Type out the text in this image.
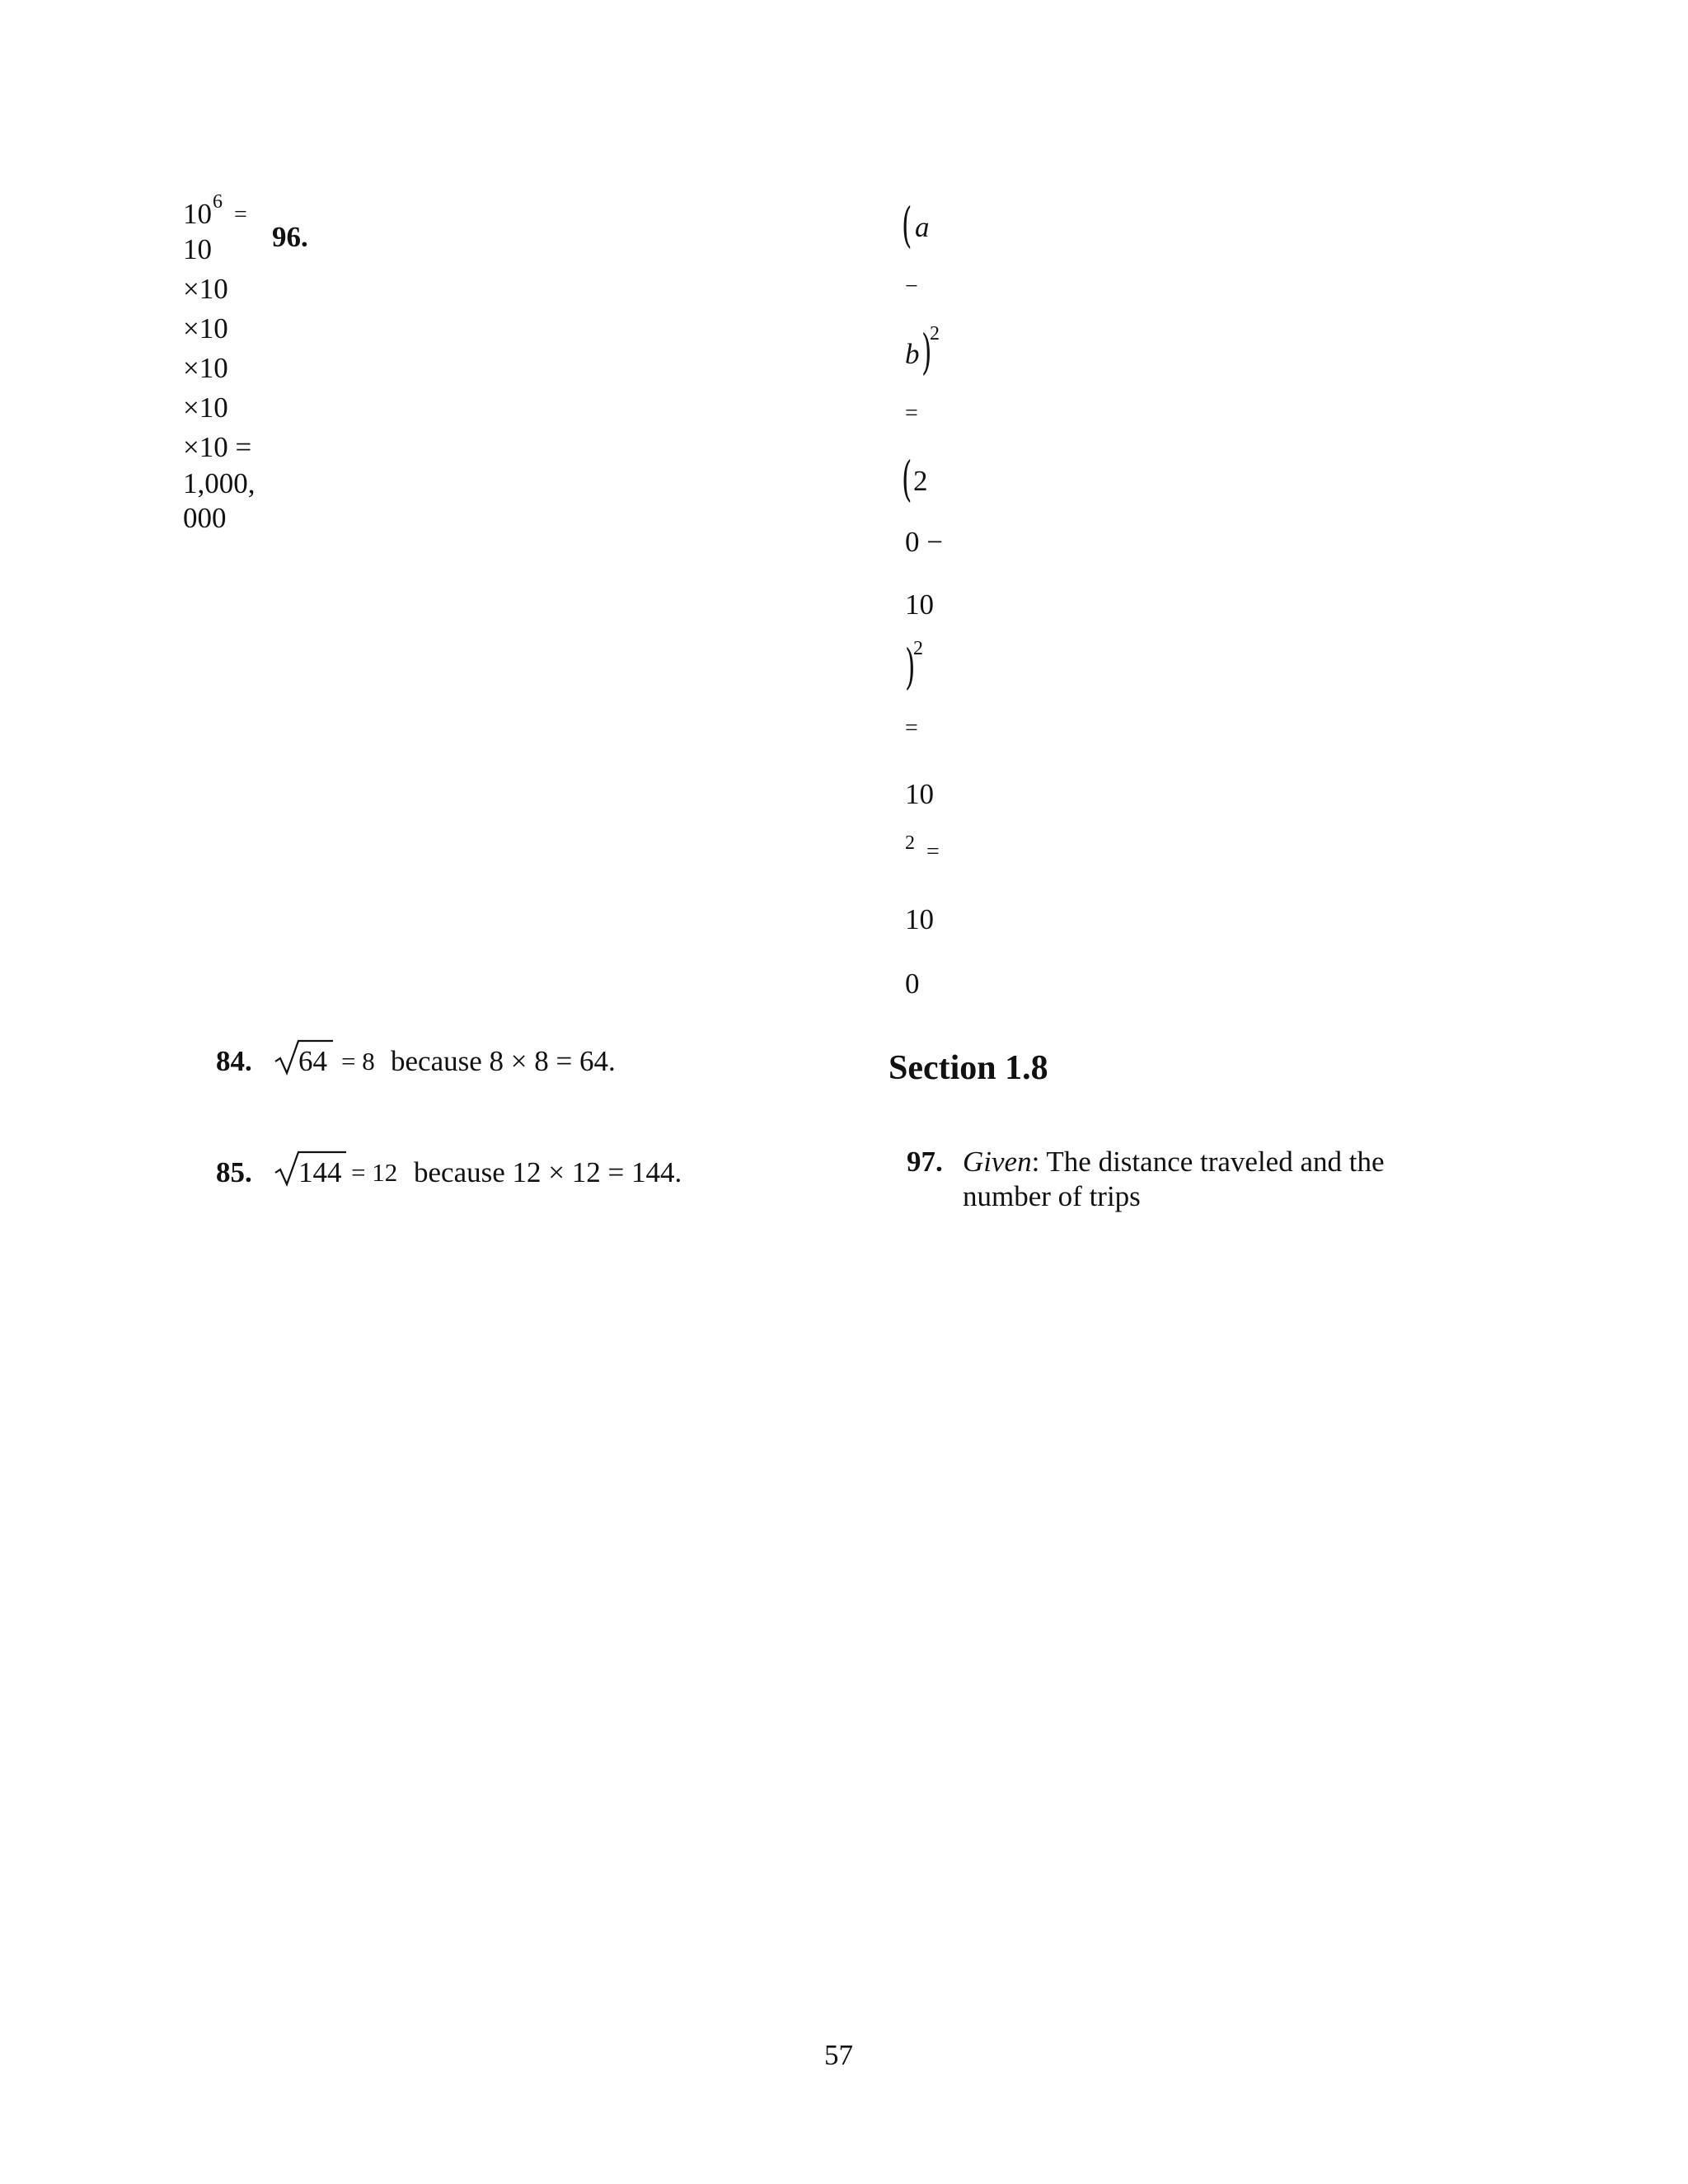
10 6 =
10
×10
×10
×10
×10
×10 =
1,000,
000
96.	( a
−
b )
2
=
( 2
0 −
10
)
2
=
10
2 =
10
0
84. 64 = 8 because 8 × 8 = 64.
85. 144 = 12 because 12 × 12 = 144.
Section 1.8
97. Given: The distance traveled and the
number of trips
57
